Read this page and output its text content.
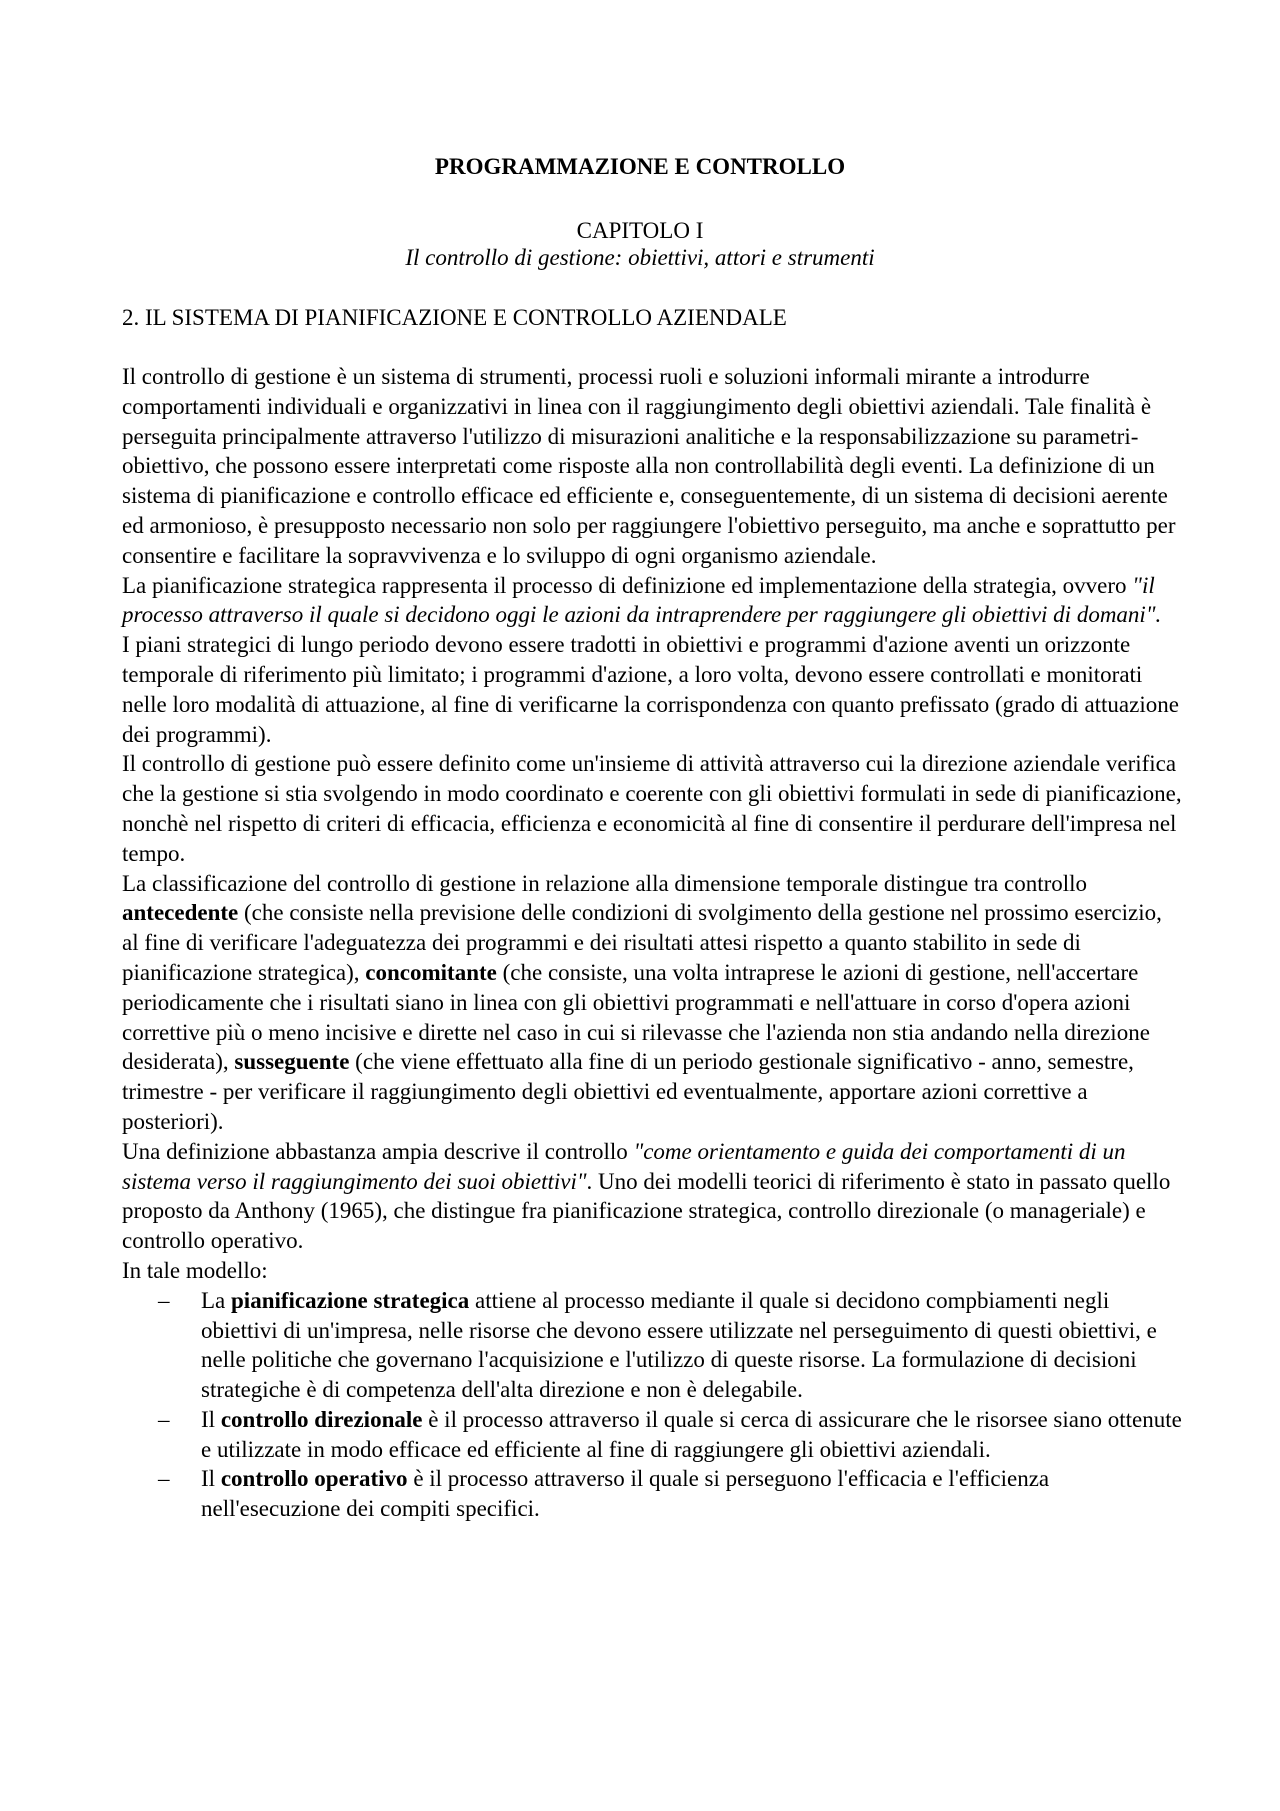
PROGRAMMAZIONE E CONTROLLO
CAPITOLO I
Il controllo di gestione: obiettivi, attori e strumenti
2. IL SISTEMA DI PIANIFICAZIONE E CONTROLLO AZIENDALE

Il controllo di gestione è un sistema di strumenti, processi ruoli e soluzioni informali mirante a introdurre comportamenti individuali e organizzativi in linea con il raggiungimento degli obiettivi aziendali. Tale finalità è perseguita principalmente attraverso l'utilizzo di misurazioni analitiche e la responsabilizzazione su parametri-obiettivo, che possono essere interpretati come risposte alla non controllabilità degli eventi. La definizione di un sistema di pianificazione e controllo efficace ed efficiente e, conseguentemente, di un sistema di decisioni aerente ed armonioso, è presupposto necessario non solo per raggiungere l'obiettivo perseguito, ma anche e soprattutto per consentire e facilitare la sopravvivenza e lo sviluppo di ogni organismo aziendale.

La pianificazione strategica rappresenta il processo di definizione ed implementazione della strategia, ovvero "il processo attraverso il quale si decidono oggi le azioni da intraprendere per raggiungere gli obiettivi di domani".

I piani strategici di lungo periodo devono essere tradotti in obiettivi e programmi d'azione aventi un orizzonte temporale di riferimento più limitato; i programmi d'azione, a loro volta, devono essere controllati e monitorati nelle loro modalità di attuazione, al fine di verificarne la corrispondenza con quanto prefissato (grado di attuazione dei programmi).

Il controllo di gestione può essere definito come un'insieme di attività attraverso cui la direzione aziendale verifica che la gestione si stia svolgendo in modo coordinato e coerente con gli obiettivi formulati in sede di pianificazione, nonchè nel rispetto di criteri di efficacia, efficienza e economicità al fine di consentire il perdurare dell'impresa nel tempo.

La classificazione del controllo di gestione in relazione alla dimensione temporale distingue tra controllo antecedente (che consiste nella previsione delle condizioni di svolgimento della gestione nel prossimo esercizio, al fine di verificare l'adeguatezza dei programmi e dei risultati attesi rispetto a quanto stabilito in sede di pianificazione strategica), concomitante (che consiste, una volta intraprese le azioni di gestione, nell'accertare periodicamente che i risultati siano in linea con gli obiettivi programmati e nell'attuare in corso d'opera azioni correttive più o meno incisive e dirette nel caso in cui si rilevasse che l'azienda non stia andando nella direzione desiderata), susseguente (che viene effettuato alla fine di un periodo gestionale significativo - anno, semestre, trimestre - per verificare il raggiungimento degli obiettivi ed eventualmente, apportare azioni correttive a posteriori).

Una definizione abbastanza ampia descrive il controllo "come orientamento e guida dei comportamenti di un sistema verso il raggiungimento dei suoi obiettivi". Uno dei modelli teorici di riferimento è stato in passato quello proposto da Anthony (1965), che distingue fra pianificazione strategica, controllo direzionale (o manageriale) e controllo operativo.

In tale modello:

– La pianificazione strategica attiene al processo mediante il quale si decidono compbiamenti negli obiettivi di un'impresa, nelle risorse che devono essere utilizzate nel perseguimento di questi obiettivi, e nelle politiche che governano l'acquisizione e l'utilizzo di queste risorse. La formulazione di decisioni strategiche è di competenza dell'alta direzione e non è delegabile.
– Il controllo direzionale è il processo attraverso il quale si cerca di assicurare che le risorsee siano ottenute e utilizzate in modo efficace ed efficiente al fine di raggiungere gli obiettivi aziendali.
– Il controllo operativo è il processo attraverso il quale si perseguono l'efficacia e l'efficienza nell'esecuzione dei compiti specifici.
